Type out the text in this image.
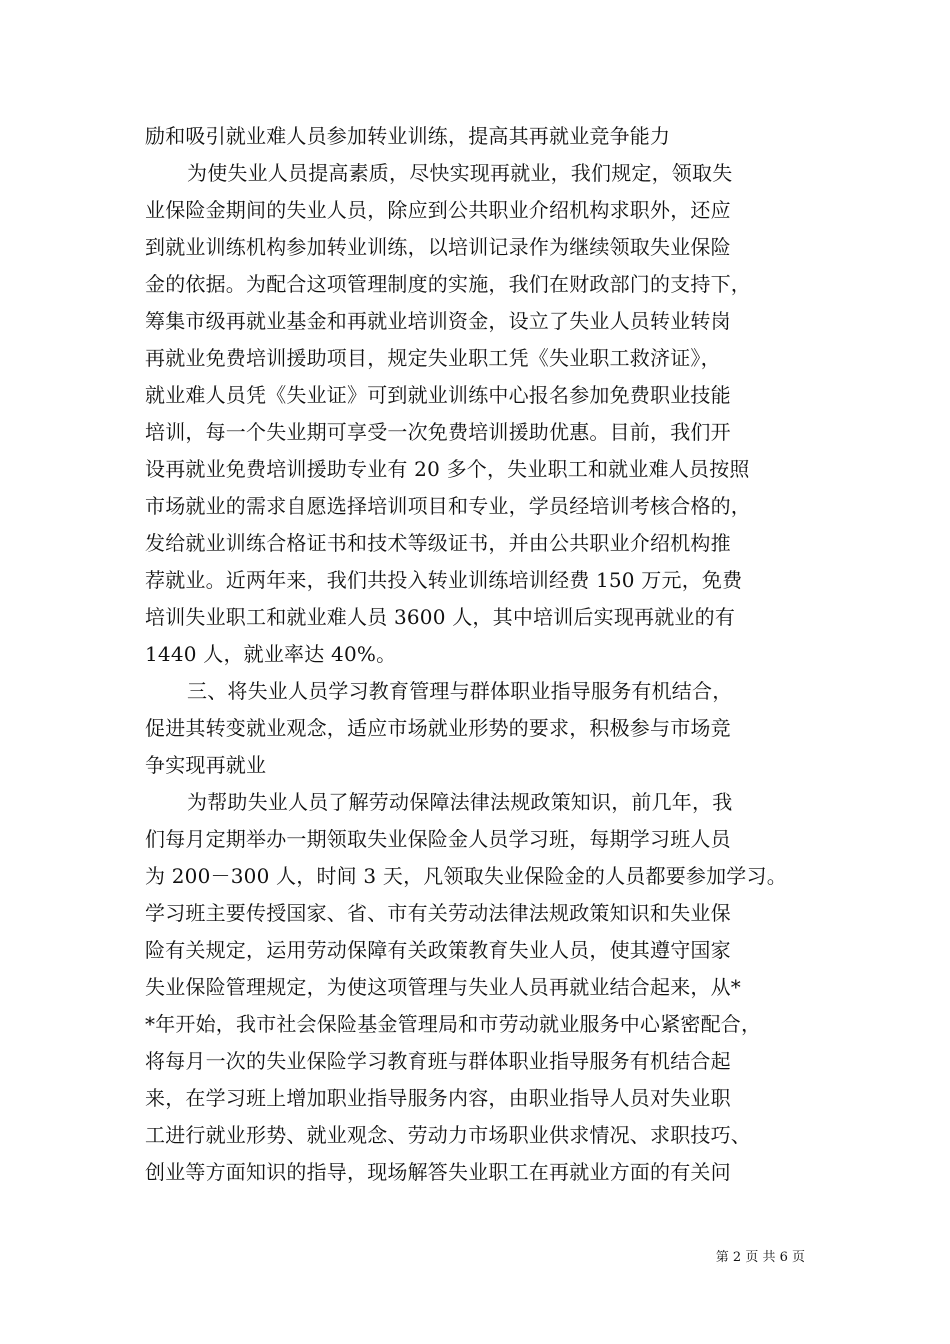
励和吸引就业难人员参加转业训练，提高其再就业竞争能力
为使失业人员提高素质，尽快实现再就业，我们规定，领取失
业保险金期间的失业人员，除应到公共职业介绍机构求职外，还应
到就业训练机构参加转业训练，以培训记录作为继续领取失业保险
金的依据。为配合这项管理制度的实施，我们在财政部门的支持下，
筹集市级再就业基金和再就业培训资金，设立了失业人员转业转岗
再就业免费培训援助项目，规定失业职工凭《失业职工救济证》，
就业难人员凭《失业证》可到就业训练中心报名参加免费职业技能
培训，每一个失业期可享受一次免费培训援助优惠。目前，我们开
设再就业免费培训援助专业有 20 多个，失业职工和就业难人员按照
市场就业的需求自愿选择培训项目和专业，学员经培训考核合格的，
发给就业训练合格证书和技术等级证书，并由公共职业介绍机构推
荐就业。近两年来，我们共投入转业训练培训经费 150 万元，免费
培训失业职工和就业难人员 3600 人，其中培训后实现再就业的有
1440 人，就业率达 40%。
三、将失业人员学习教育管理与群体职业指导服务有机结合，
促进其转变就业观念，适应市场就业形势的要求，积极参与市场竞
争实现再就业
为帮助失业人员了解劳动保障法律法规政策知识，前几年，我
们每月定期举办一期领取失业保险金人员学习班，每期学习班人员
为 200－300 人，时间 3 天，凡领取失业保险金的人员都要参加学习。
学习班主要传授国家、省、市有关劳动法律法规政策知识和失业保
险有关规定，运用劳动保障有关政策教育失业人员，使其遵守国家
失业保险管理规定，为使这项管理与失业人员再就业结合起来，从*
*年开始，我市社会保险基金管理局和市劳动就业服务中心紧密配合，
将每月一次的失业保险学习教育班与群体职业指导服务有机结合起
来，在学习班上增加职业指导服务内容，由职业指导人员对失业职
工进行就业形势、就业观念、劳动力市场职业供求情况、求职技巧、
创业等方面知识的指导，现场解答失业职工在再就业方面的有关问
第 2 页 共 6 页
